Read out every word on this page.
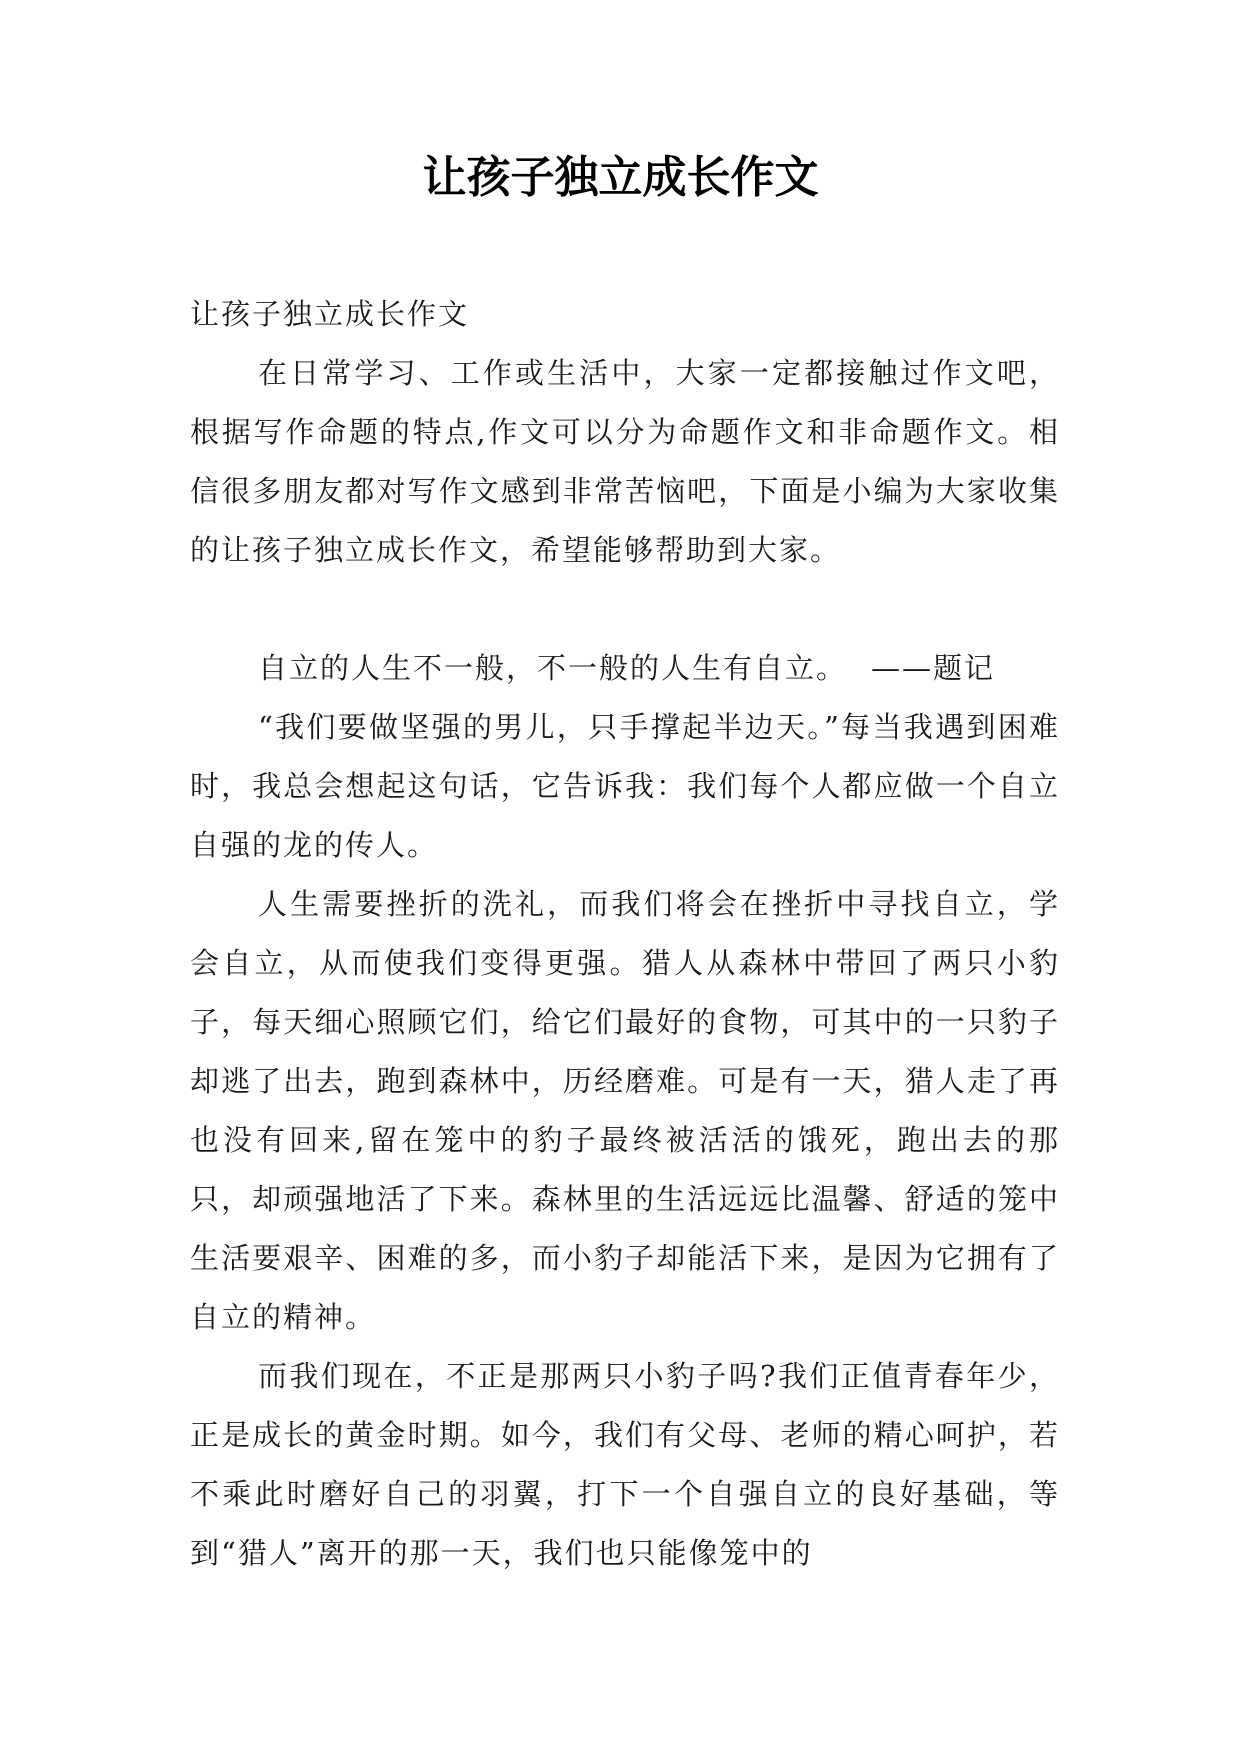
让孩子独立成长作文

让孩子独立成长作文

在日常学习、工作或生活中，大家一定都接触过作文吧，根据写作命题的特点,作文可以分为命题作文和非命题作文。相信很多朋友都对写作文感到非常苦恼吧，下面是小编为大家收集的让孩子独立成长作文，希望能够帮助到大家。

自立的人生不一般，不一般的人生有自立。 ——题记

“我们要做坚强的男儿，只手撑起半边天。”每当我遇到困难时，我总会想起这句话，它告诉我：我们每个人都应做一个自立自强的龙的传人。

人生需要挫折的洗礼，而我们将会在挫折中寻找自立，学会自立，从而使我们变得更强。猎人从森林中带回了两只小豹子，每天细心照顾它们，给它们最好的食物，可其中的一只豹子却逃了出去，跑到森林中，历经磨难。可是有一天，猎人走了再也没有回来,留在笼中的豹子最终被活活的饿死，跑出去的那只，却顽强地活了下来。森林里的生活远远比温馨、舒适的笼中生活要艰辛、困难的多，而小豹子却能活下来，是因为它拥有了自立的精神。

而我们现在，不正是那两只小豹子吗?我们正值青春年少，正是成长的黄金时期。如今，我们有父母、老师的精心呵护，若不乘此时磨好自己的羽翼，打下一个自强自立的良好基础，等到“猎人”离开的那一天，我们也只能像笼中的
